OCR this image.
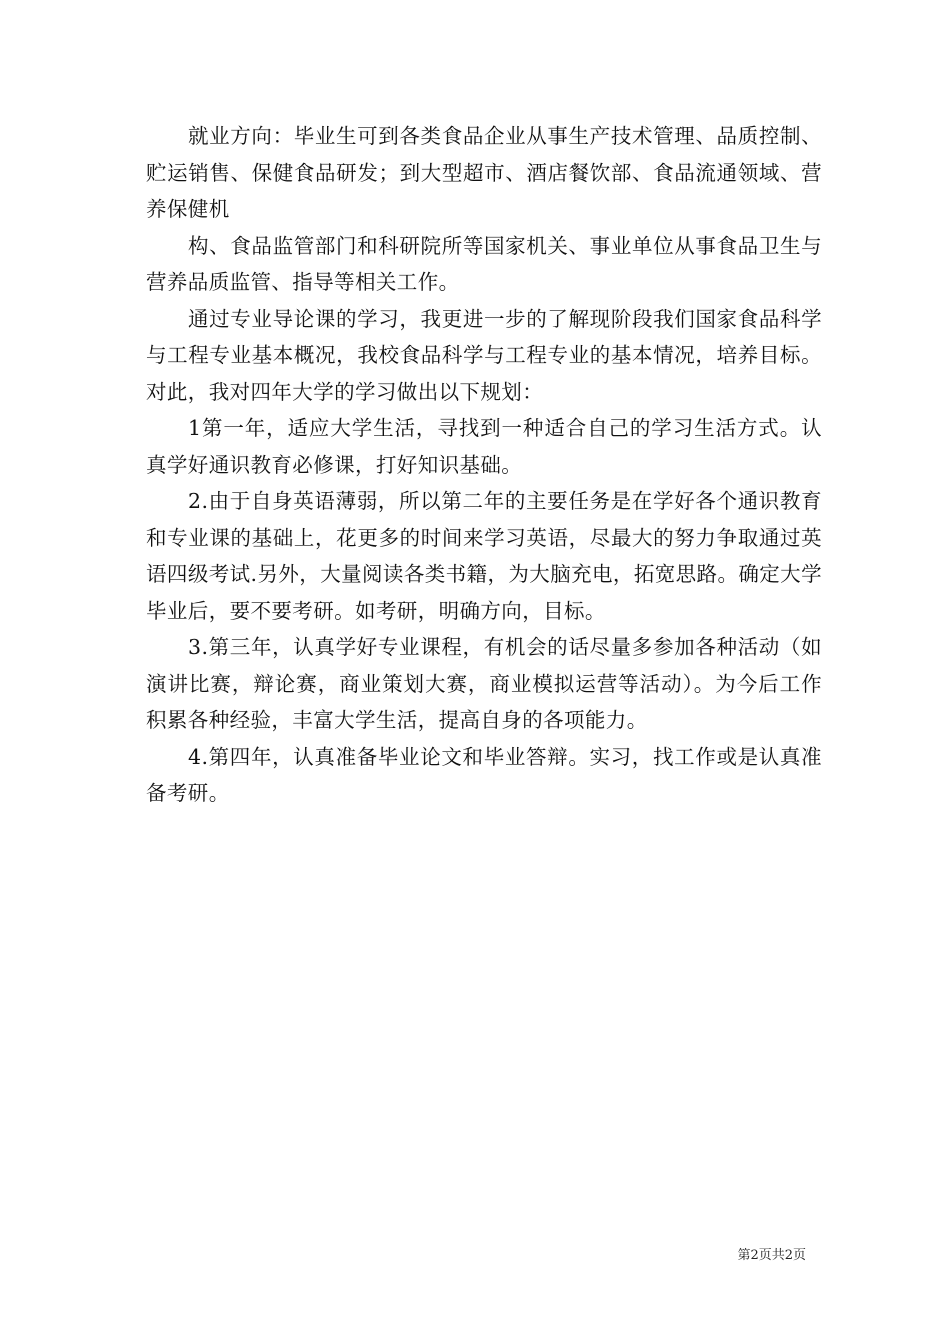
就业方向：毕业生可到各类食品企业从事生产技术管理、品质控制、贮运销售、保健食品研发；到大型超市、酒店餐饮部、食品流通领域、营养保健机

构、食品监管部门和科研院所等国家机关、事业单位从事食品卫生与营养品质监管、指导等相关工作。

通过专业导论课的学习，我更进一步的了解现阶段我们国家食品科学与工程专业基本概况，我校食品科学与工程专业的基本情况，培养目标。对此，我对四年大学的学习做出以下规划：

1第一年，适应大学生活，寻找到一种适合自己的学习生活方式。认真学好通识教育必修课，打好知识基础。

2.由于自身英语薄弱，所以第二年的主要任务是在学好各个通识教育和专业课的基础上，花更多的时间来学习英语，尽最大的努力争取通过英语四级考试.另外，大量阅读各类书籍，为大脑充电，拓宽思路。确定大学毕业后，要不要考研。如考研，明确方向，目标。

3.第三年，认真学好专业课程，有机会的话尽量多参加各种活动（如演讲比赛，辩论赛，商业策划大赛，商业模拟运营等活动）。为今后工作积累各种经验，丰富大学生活，提高自身的各项能力。

4.第四年，认真准备毕业论文和毕业答辩。实习，找工作或是认真准备考研。

第2页共2页
